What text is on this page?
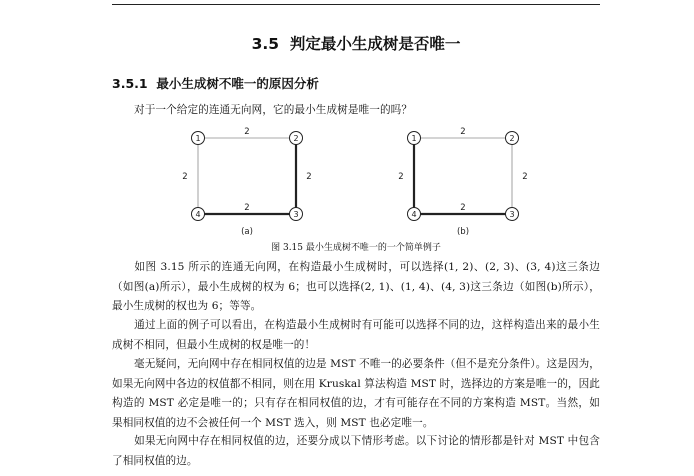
3.5 判定最小生成树是否唯一
3.5.1 最小生成树不唯一的原因分析
对于一个给定的连通无向网，它的最小生成树是唯一的吗？
2
2
2
2
1	2
3
4
(a)
2
2
2
2
1	2
3
4
(b)
图 3.15 最小生成树不唯一的一个简单例子
如图 3.15 所示的连通无向网，在构造最小生成树时，可以选择(1, 2)、(2, 3)、(3, 4)这三条边（如图(a)所示），最小生成树的权为 6；也可以选择(2, 1)、(1, 4)、(4, 3)这三条边（如图(b)所示），最小生成树的权也为 6；等等。
通过上面的例子可以看出，在构造最小生成树时有可能可以选择不同的边，这样构造出来的最小生成树不相同，但最小生成树的权是唯一的！
毫无疑问，无向网中存在相同权值的边是 MST 不唯一的必要条件（但不是充分条件）。这是因为，如果无向网中各边的权值都不相同，则在用 Kruskal 算法构造 MST 时，选择边的方案是唯一的，因此构造的 MST 必定是唯一的；只有存在相同权值的边，才有可能存在不同的方案构造 MST。当然，如果相同权值的边不会被任何一个 MST 选入，则 MST 也必定唯一。
如果无向网中存在相同权值的边，还要分成以下情形考虑。以下讨论的情形都是针对 MST 中包含了相同权值的边。
